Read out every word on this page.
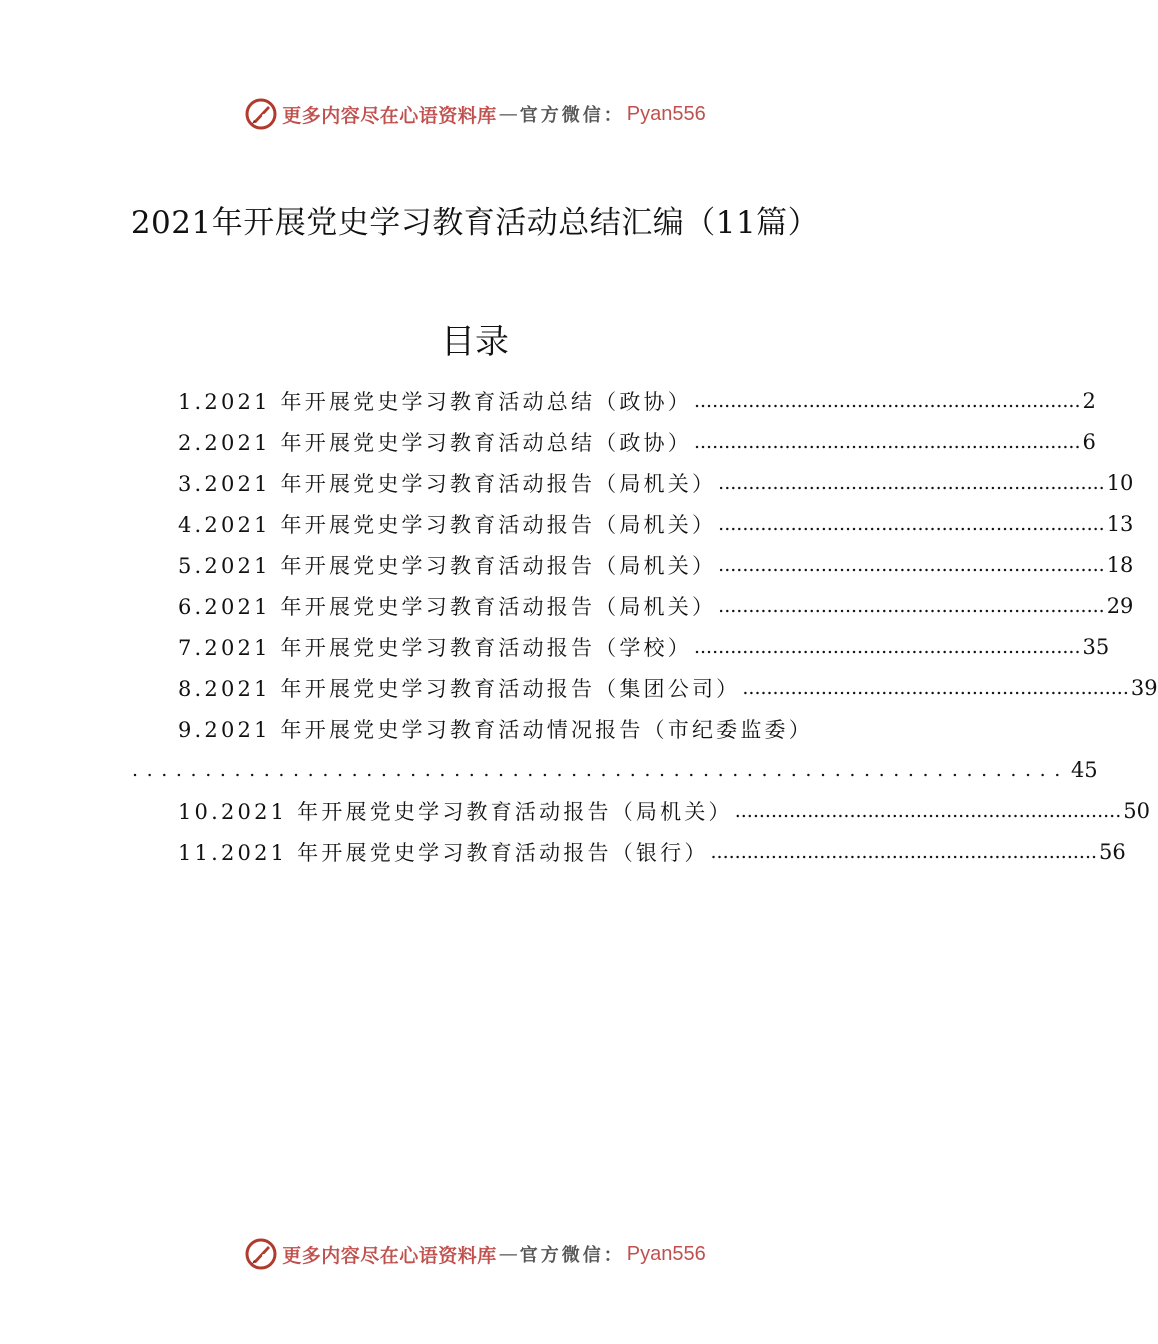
更多内容尽在心语资料库 — 官方微信： Pyan556
2021年开展党史学习教育活动总结汇编（11篇）
目录
1.2021 年开展党史学习教育活动总结（政协） ................................................................ 2
2.2021 年开展党史学习教育活动总结（政协） ................................................................ 6
3.2021 年开展党史学习教育活动报告（局机关） ................................................................ 10
4.2021 年开展党史学习教育活动报告（局机关） ................................................................ 13
5.2021 年开展党史学习教育活动报告（局机关） ................................................................ 18
6.2021 年开展党史学习教育活动报告（局机关） ................................................................ 29
7.2021 年开展党史学习教育活动报告（学校） ................................................................ 35
8.2021 年开展党史学习教育活动报告（集团公司） ................................................................ 39
9.2021 年开展党史学习教育活动情况报告（市纪委监委）
................................................................ 45
10.2021 年开展党史学习教育活动报告（局机关） ................................................................ 50
11.2021 年开展党史学习教育活动报告（银行） ................................................................ 56
更多内容尽在心语资料库 — 官方微信： Pyan556
